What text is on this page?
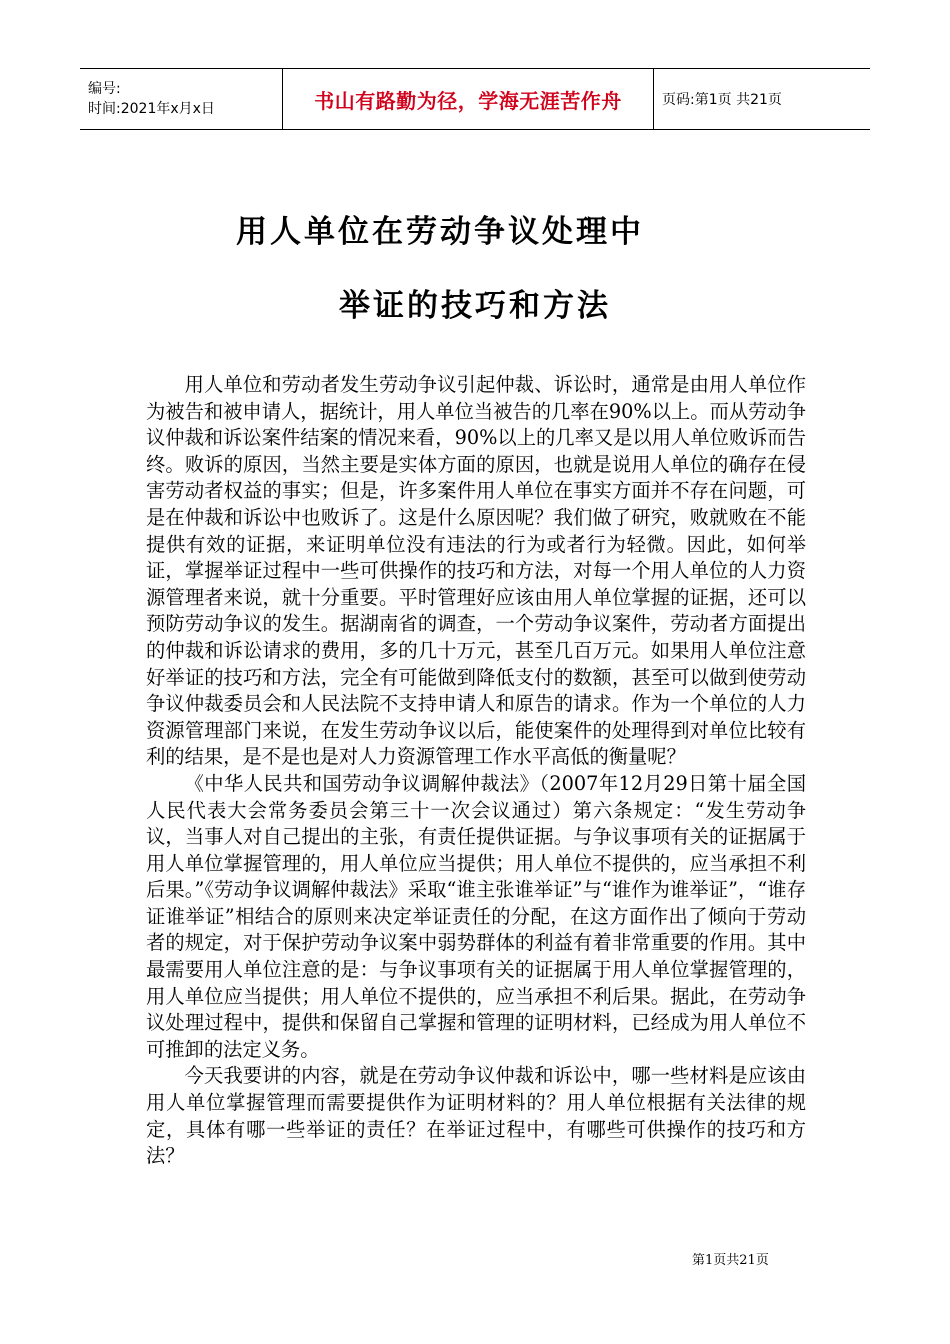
编号:
时间:2021年x月x日	书山有路勤为径，学海无涯苦作舟	页码:第1页 共21页
用人单位在劳动争议处理中
举证的技巧和方法

用人单位和劳动者发生劳动争议引起仲裁、诉讼时，通常是由用人单位作为被告和被申请人，据统计，用人单位当被告的几率在90%以上。而从劳动争议仲裁和诉讼案件结案的情况来看，90%以上的几率又是以用人单位败诉而告终。败诉的原因，当然主要是实体方面的原因，也就是说用人单位的确存在侵害劳动者权益的事实；但是，许多案件用人单位在事实方面并不存在问题，可是在仲裁和诉讼中也败诉了。这是什么原因呢？我们做了研究，败就败在不能提供有效的证据，来证明单位没有违法的行为或者行为轻微。因此，如何举证，掌握举证过程中一些可供操作的技巧和方法，对每一个用人单位的人力资源管理者来说，就十分重要。平时管理好应该由用人单位掌握的证据，还可以预防劳动争议的发生。据湖南省的调查，一个劳动争议案件，劳动者方面提出的仲裁和诉讼请求的费用，多的几十万元，甚至几百万元。如果用人单位注意好举证的技巧和方法，完全有可能做到降低支付的数额，甚至可以做到使劳动争议仲裁委员会和人民法院不支持申请人和原告的请求。作为一个单位的人力资源管理部门来说，在发生劳动争议以后，能使案件的处理得到对单位比较有利的结果，是不是也是对人力资源管理工作水平高低的衡量呢？

《中华人民共和国劳动争议调解仲裁法》（2007年12月29日第十届全国人民代表大会常务委员会第三十一次会议通过）第六条规定：“发生劳动争议，当事人对自己提出的主张，有责任提供证据。与争议事项有关的证据属于用人单位掌握管理的，用人单位应当提供；用人单位不提供的，应当承担不利后果。”《劳动争议调解仲裁法》采取“谁主张谁举证”与“谁作为谁举证”，“谁存证谁举证”相结合的原则来决定举证责任的分配，在这方面作出了倾向于劳动者的规定，对于保护劳动争议案中弱势群体的利益有着非常重要的作用。其中最需要用人单位注意的是：与争议事项有关的证据属于用人单位掌握管理的，用人单位应当提供；用人单位不提供的，应当承担不利后果。据此，在劳动争议处理过程中，提供和保留自己掌握和管理的证明材料，已经成为用人单位不可推卸的法定义务。

今天我要讲的内容，就是在劳动争议仲裁和诉讼中，哪一些材料是应该由用人单位掌握管理而需要提供作为证明材料的？用人单位根据有关法律的规定，具体有哪一些举证的责任？在举证过程中，有哪些可供操作的技巧和方法？

第1页共21页
